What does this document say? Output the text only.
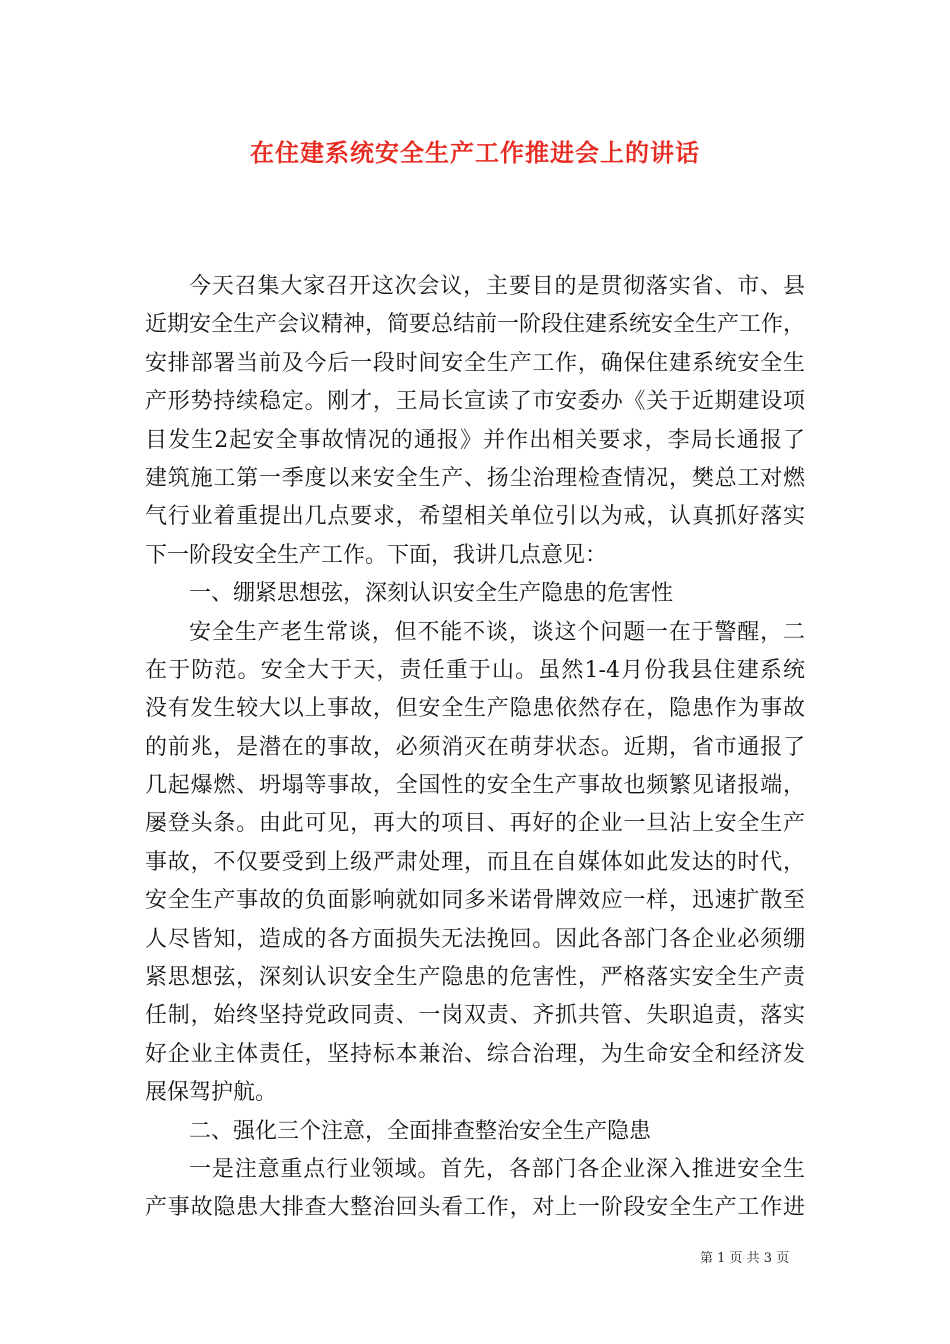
在住建系统安全生产工作推进会上的讲话
今天召集大家召开这次会议，主要目的是贯彻落实省、市、县
近期安全生产会议精神，简要总结前一阶段住建系统安全生产工作，
安排部署当前及今后一段时间安全生产工作，确保住建系统安全生
产形势持续稳定。刚才，王局长宣读了市安委办《关于近期建设项
目发生2起安全事故情况的通报》并作出相关要求，李局长通报了
建筑施工第一季度以来安全生产、扬尘治理检查情况，樊总工对燃
气行业着重提出几点要求，希望相关单位引以为戒，认真抓好落实
下一阶段安全生产工作。下面，我讲几点意见：
一、绷紧思想弦，深刻认识安全生产隐患的危害性
安全生产老生常谈，但不能不谈，谈这个问题一在于警醒，二
在于防范。安全大于天，责任重于山。虽然1-4月份我县住建系统
没有发生较大以上事故，但安全生产隐患依然存在，隐患作为事故
的前兆，是潜在的事故，必须消灭在萌芽状态。近期，省市通报了
几起爆燃、坍塌等事故，全国性的安全生产事故也频繁见诸报端，
屡登头条。由此可见，再大的项目、再好的企业一旦沾上安全生产
事故，不仅要受到上级严肃处理，而且在自媒体如此发达的时代，
安全生产事故的负面影响就如同多米诺骨牌效应一样，迅速扩散至
人尽皆知，造成的各方面损失无法挽回。因此各部门各企业必须绷
紧思想弦，深刻认识安全生产隐患的危害性，严格落实安全生产责
任制，始终坚持党政同责、一岗双责、齐抓共管、失职追责，落实
好企业主体责任，坚持标本兼治、综合治理，为生命安全和经济发
展保驾护航。
二、强化三个注意，全面排查整治安全生产隐患
一是注意重点行业领域。首先，各部门各企业深入推进安全生
产事故隐患大排查大整治回头看工作，对上一阶段安全生产工作进
第 1 页 共 3 页
